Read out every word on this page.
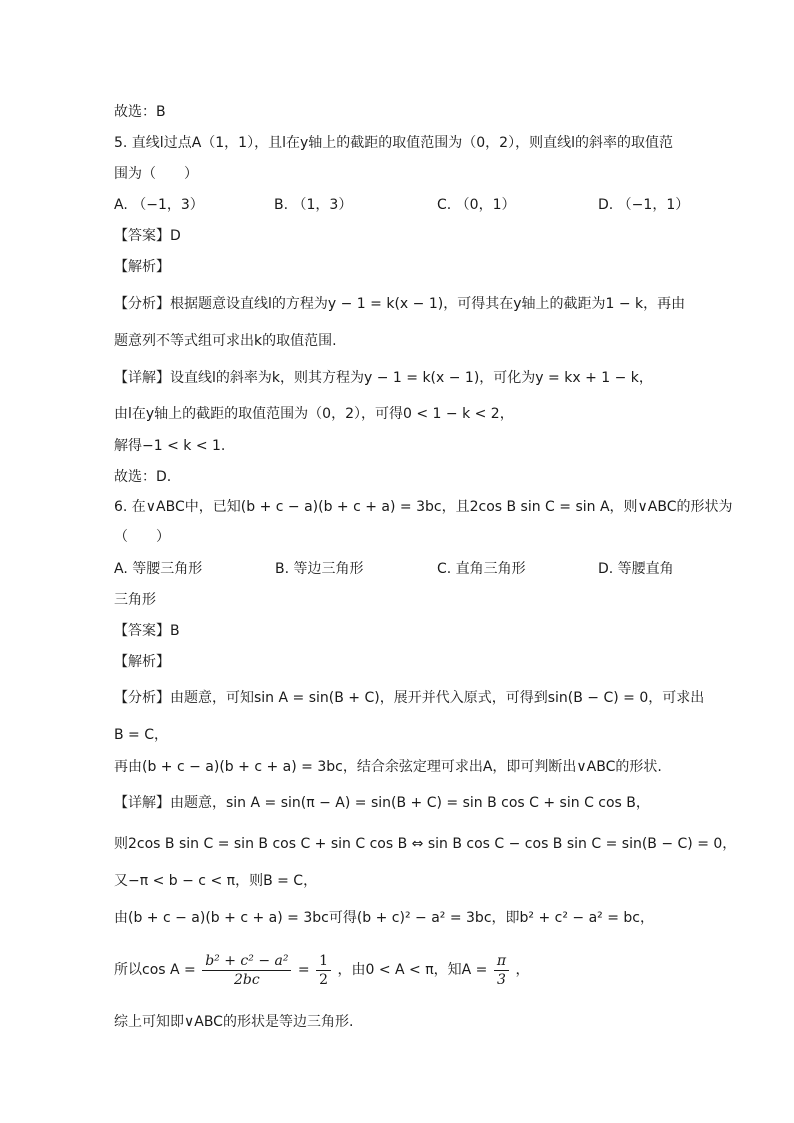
故选：B
5. 直线l过点A（1，1），且l在y轴上的截距的取值范围为（0，2），则直线l的斜率的取值范
围为（　　）
A. （−1，3）	B. （1，3）	C. （0，1）	D. （−1，1）
【答案】D
【解析】
【分析】根据题意设直线l的方程为y − 1 = k(x − 1)，可得其在y轴上的截距为1 − k，再由
题意列不等式组可求出k的取值范围.
【详解】设直线l的斜率为k，则其方程为y − 1 = k(x − 1)，可化为y = kx + 1 − k，
由l在y轴上的截距的取值范围为（0，2），可得0 < 1 − k < 2，
解得−1 < k < 1.
故选：D.
6. 在∨ABC中，已知(b + c − a)(b + c + a) = 3bc，且2cos B sin C = sin A，则∨ABC的形状为
（　　）
A. 等腰三角形	B. 等边三角形	C. 直角三角形	D. 等腰直角
三角形
【答案】B
【解析】
【分析】由题意，可知sin A = sin(B + C)，展开并代入原式，可得到sin(B − C) = 0，可求出
B = C，
再由(b + c − a)(b + c + a) = 3bc，结合余弦定理可求出A，即可判断出∨ABC的形状.
【详解】由题意，sin A = sin(π − A) = sin(B + C) = sin B cos C + sin C cos B，
则2cos B sin C = sin B cos C + sin C cos B ⇔ sin B cos C − cos B sin C = sin(B − C) = 0，
又−π < b − c < π，则B = C，
由(b + c − a)(b + c + a) = 3bc可得(b + c)² − a² = 3bc，即b² + c² − a² = bc，
所以$\cos A = \frac{\text{b² + c² − a²}}{2bc} = \frac{1}{2}$ ，由0 < A < π，知$A = \frac{\pi}{3}$ ，
综上可知即∨ABC的形状是等边三角形.
